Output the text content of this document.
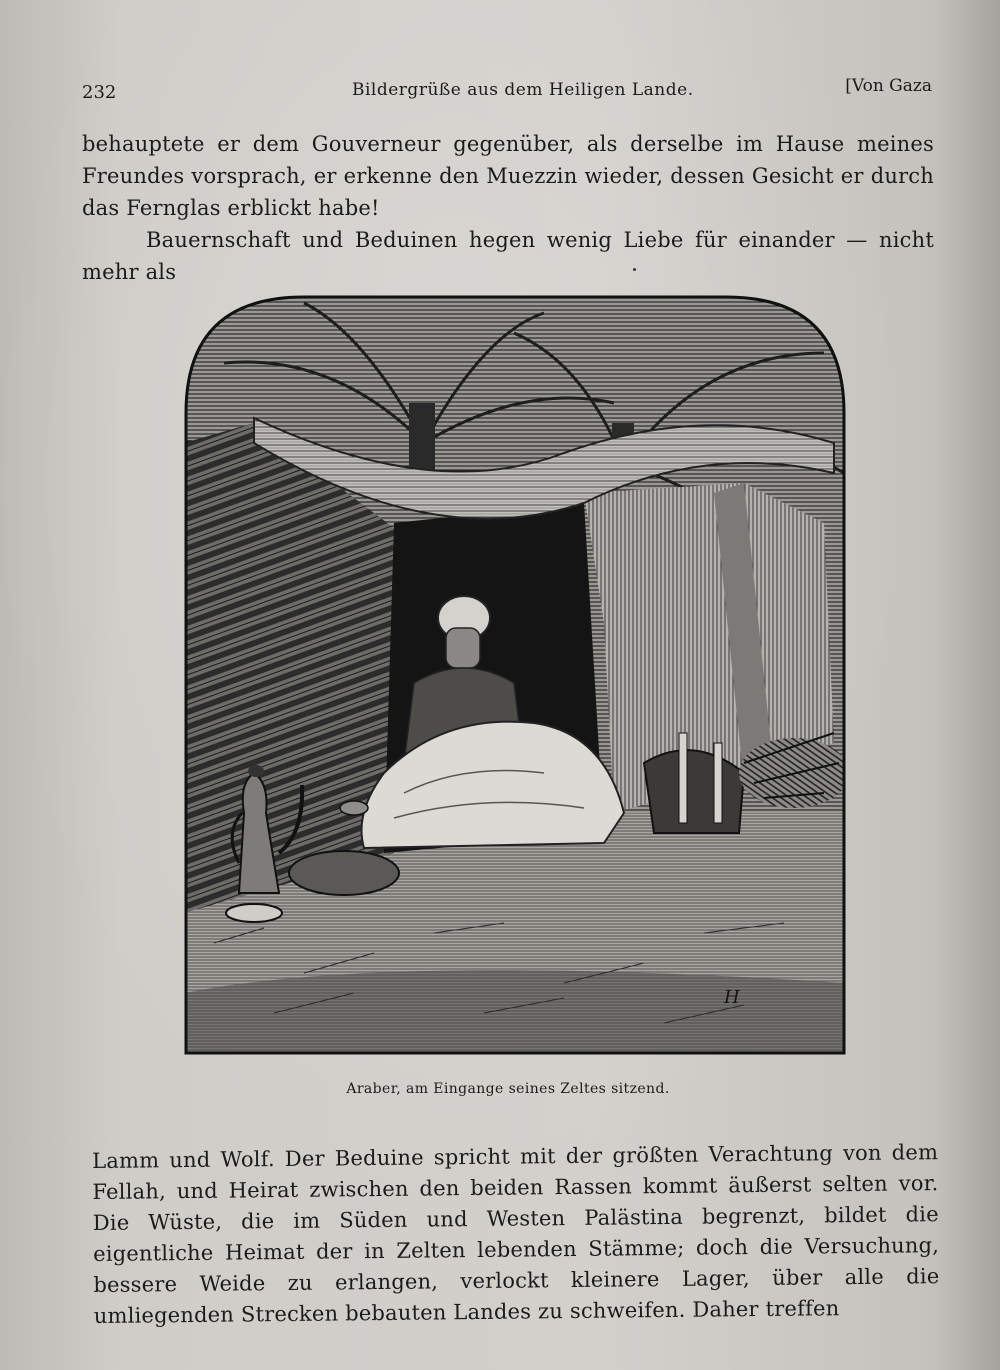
232	Bildergrüße aus dem Heiligen Lande.	[Von Gaza

behauptete er dem Gouverneur gegenüber, als derselbe im Hause meines Freundes vorsprach, er erkenne den Muezzin wieder, dessen Gesicht er durch das Fernglas erblickt habe!

Bauernschaft und Beduinen hegen wenig Liebe für einander — nicht mehr als

H
Araber, am Eingange seines Zeltes sitzend.

Lamm und Wolf. Der Beduine spricht mit der größten Verachtung von dem Fellah, und Heirat zwischen den beiden Rassen kommt äußerst selten vor. Die Wüste, die im Süden und Westen Palästina begrenzt, bildet die eigentliche Heimat der in Zelten lebenden Stämme; doch die Versuchung, bessere Weide zu erlangen, verlockt kleinere Lager, über alle die umliegenden Strecken bebauten Landes zu schweifen. Daher treffen
